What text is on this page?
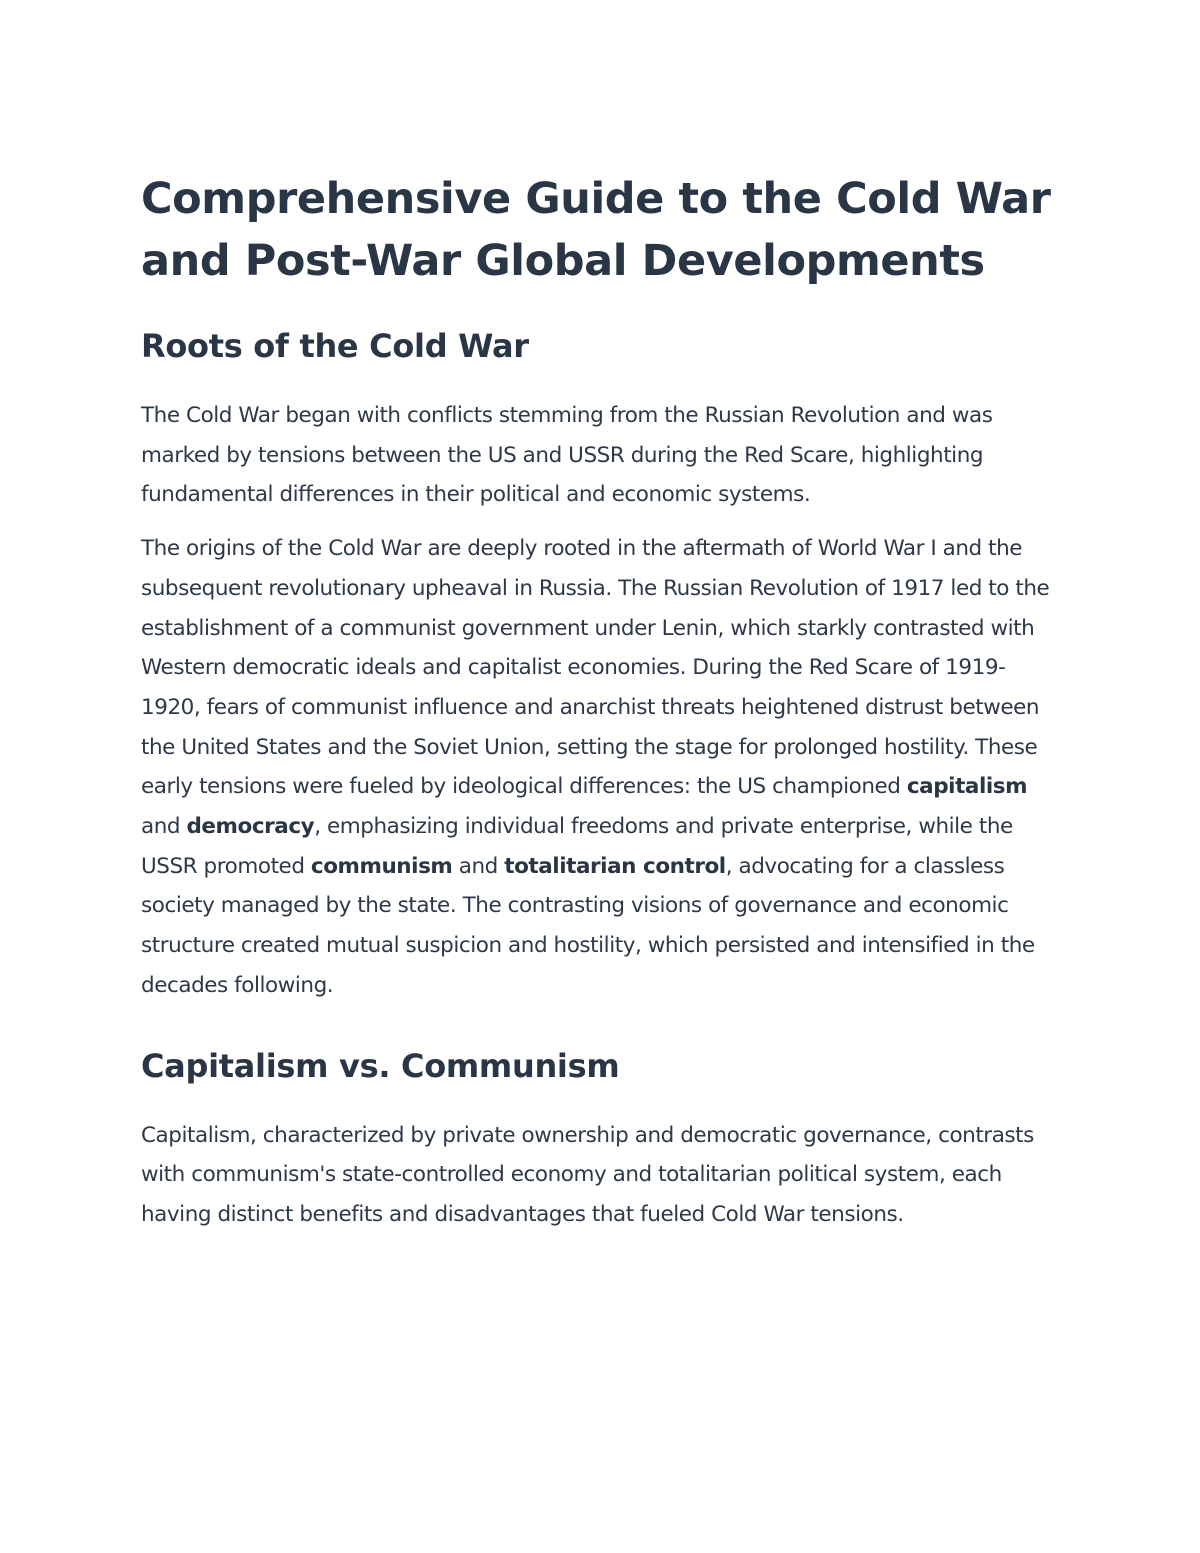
Comprehensive Guide to the Cold War and Post-War Global Developments
Roots of the Cold War

The Cold War began with conflicts stemming from the Russian Revolution and was marked by tensions between the US and USSR during the Red Scare, highlighting fundamental differences in their political and economic systems.

The origins of the Cold War are deeply rooted in the aftermath of World War I and the subsequent revolutionary upheaval in Russia. The Russian Revolution of 1917 led to the establishment of a communist government under Lenin, which starkly contrasted with Western democratic ideals and capitalist economies. During the Red Scare of 1919-1920, fears of communist influence and anarchist threats heightened distrust between the United States and the Soviet Union, setting the stage for prolonged hostility. These early tensions were fueled by ideological differences: the US championed capitalism and democracy, emphasizing individual freedoms and private enterprise, while the USSR promoted communism and totalitarian control, advocating for a classless society managed by the state. The contrasting visions of governance and economic structure created mutual suspicion and hostility, which persisted and intensified in the decades following.

Capitalism vs. Communism

Capitalism, characterized by private ownership and democratic governance, contrasts with communism's state-controlled economy and totalitarian political system, each having distinct benefits and disadvantages that fueled Cold War tensions.
